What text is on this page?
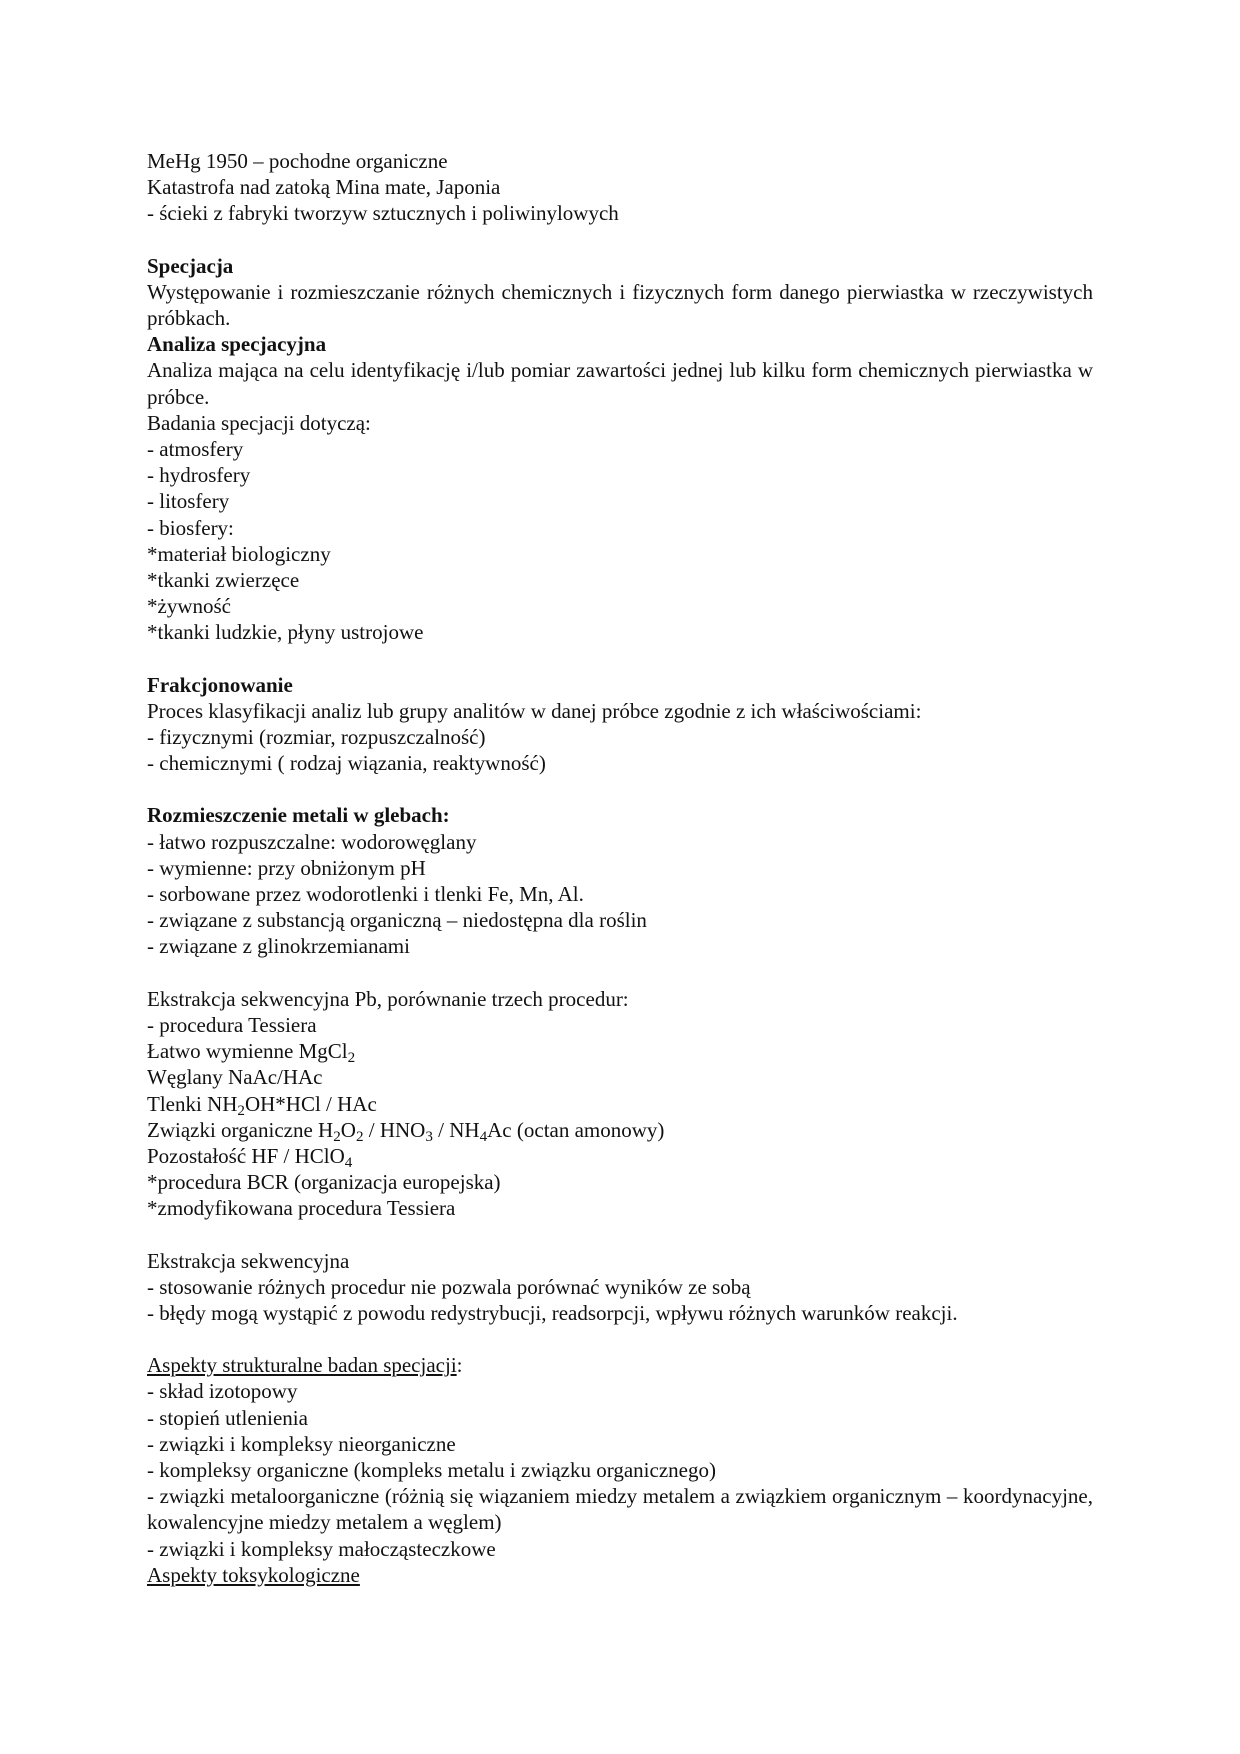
MeHg 1950 – pochodne organiczne
Katastrofa nad zatoką Mina mate, Japonia
- ścieki z fabryki tworzyw sztucznych i poliwinylowych
Specjacja
Występowanie i rozmieszczanie różnych chemicznych i fizycznych form danego pierwiastka w rzeczywistych próbkach.
Analiza specjacyjna
Analiza mająca na celu identyfikację i/lub pomiar zawartości jednej lub kilku form chemicznych pierwiastka w próbce.
Badania specjacji dotyczą:
- atmosfery
- hydrosfery
- litosfery
- biosfery:
*materiał biologiczny
*tkanki zwierzęce
*żywność
*tkanki ludzkie, płyny ustrojowe
Frakcjonowanie
Proces klasyfikacji analiz lub grupy analitów w danej próbce zgodnie z ich właściwościami:
- fizycznymi (rozmiar, rozpuszczalność)
- chemicznymi ( rodzaj wiązania, reaktywność)
Rozmieszczenie metali w glebach:
- łatwo rozpuszczalne: wodorowęglany
- wymienne: przy obniżonym pH
- sorbowane przez wodorotlenki i tlenki Fe, Mn, Al.
- związane z substancją organiczną – niedostępna dla roślin
- związane z glinokrzemianami
Ekstrakcja sekwencyjna Pb, porównanie trzech procedur:
- procedura Tessiera
Łatwo wymienne MgCl$_2$
Węglany NaAc/HAc
Tlenki $NH_2OH*HCl$ / HAc
Związki organiczne $H_2O_2 / HNO_3 / NH_4Ac$ (octan amonowy)
Pozostałość HF / HClO$_4$
*procedura BCR (organizacja europejska)
*zmodyfikowana procedura Tessiera
Ekstrakcja sekwencyjna
- stosowanie różnych procedur nie pozwala porównać wyników ze sobą
- błędy mogą wystąpić z powodu redystrybucji, readsorpcji, wpływu różnych warunków reakcji.
Aspekty strukturalne badan specjacji:
- skład izotopowy
- stopień utlenienia
- związki i kompleksy nieorganiczne
- kompleksy organiczne (kompleks metalu i związku organicznego)
- związki metaloorganiczne (różnią się wiązaniem miedzy metalem a związkiem organicznym – koordynacyjne, kowalencyjne miedzy metalem a węglem)
- związki i kompleksy małocząsteczkowe
Aspekty toksykologiczne
